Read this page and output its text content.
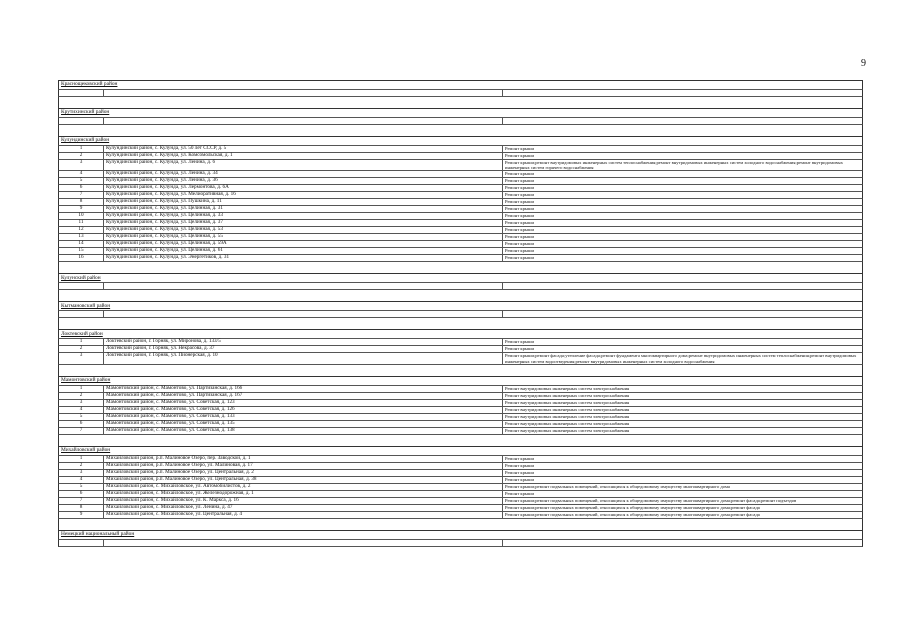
9
Краснощековский район
Крутихинский район
Кулундинский район
1	Кулундинский район, с. Кулунда, ул. 50 лет СССР, д. 5	Ремонт крыши
2	Кулундинский район, с. Кулунда, ул. Комсомольская, д. 1	Ремонт крыши
3	Кулундинский район, с. Кулунда, ул. Ленина, д. 6	Ремонт крыши;ремонт внутридомовых инженерных систем теплоснабжения;ремонт внутридомовых инженерных систем холодного водоснабжения;ремонт внутридомовых инженерных систем горячего водоснабжения
4	Кулундинский район, с. Кулунда, ул. Ленина, д. 34	Ремонт крыши
5	Кулундинский район, с. Кулунда, ул. Ленина, д. 36	Ремонт крыши
6	Кулундинский район, с. Кулунда, ул. Лермонтова, д. 6А	Ремонт крыши
7	Кулундинский район, с. Кулунда, ул. Мелиоративная, д. 16	Ремонт крыши
8	Кулундинский район, с. Кулунда, ул. Пушкина, д. 11	Ремонт крыши
9	Кулундинский район, с. Кулунда, ул. Целинная, д. 31	Ремонт крыши
10	Кулундинский район, с. Кулунда, ул. Целинная, д. 33	Ремонт крыши
11	Кулундинский район, с. Кулунда, ул. Целинная, д. 37	Ремонт крыши
12	Кулундинский район, с. Кулунда, ул. Целинная, д. 53	Ремонт крыши
13	Кулундинский район, с. Кулунда, ул. Целинная, д. 55	Ремонт крыши
14	Кулундинский район, с. Кулунда, ул. Целинная, д. 59А	Ремонт крыши
15	Кулундинский район, с. Кулунда, ул. Целинная, д. 61	Ремонт крыши
16	Кулундинский район, с. Кулунда, ул. Энергетиков, д. 31	Ремонт крыши
Кулунский район
Кытмановский район
Локтевский район
1	Локтевский район, г. Горняк, ул. Миронова, д. 133/5	Ремонт крыши
2	Локтевский район, г. Горняк, ул. Некрасова, д. 37	Ремонт крыши
3	Локтевский район, г. Горняк, ул. Пионерская, д. 10	Ремонт крыши;ремонт фасада;утепление фасада;ремонт фундамента многоквартирного дома;ремонт внутридомовых инженерных систем теплоснабжения;ремонт внутридомовых инженерных систем водоотведения;ремонт внутридомовых инженерных систем холодного водоснабжения
Мамонтовский район
1	Мамонтовский район, с. Мамонтово, ул. Партизанская, д. 166	Ремонт внутридомовых инженерных систем электроснабжения
2	Мамонтовский район, с. Мамонтово, ул. Партизанская, д. 167	Ремонт внутридомовых инженерных систем электроснабжения
3	Мамонтовский район, с. Мамонтово, ул. Советская, д. 123	Ремонт внутридомовых инженерных систем электроснабжения
4	Мамонтовский район, с. Мамонтово, ул. Советская, д. 126	Ремонт внутридомовых инженерных систем электроснабжения
5	Мамонтовский район, с. Мамонтово, ул. Советская, д. 133	Ремонт внутридомовых инженерных систем электроснабжения
6	Мамонтовский район, с. Мамонтово, ул. Советская, д. 135	Ремонт внутридомовых инженерных систем электроснабжения
7	Мамонтовский район, с. Мамонтово, ул. Советская, д. 138	Ремонт внутридомовых инженерных систем электроснабжения
Михайловский район
1	Михайловский район, р.п. Малиновое Озеро, пер. Заводской, д. 1	Ремонт крыши
2	Михайловский район, р.п. Малиновое Озеро, ул. Малиновая, д. 17	Ремонт крыши
3	Михайловский район, р.п. Малиновое Озеро, ул. Центральная, д. 2	Ремонт крыши
4	Михайловский район, р.п. Малиновое Озеро, ул. Центральная, д. 38	Ремонт крыши
5	Михайловский район, с. Михайловское, ул. Автомобилистов, д. 2	Ремонт крыши;ремонт подвальных помещений, относящихся к общедомовому имуществу многоквартирного дома
6	Михайловский район, с. Михайловское, ул. Железнодорожная, д. 1	Ремонт крыши
7	Михайловский район, с. Михайловское, ул. К. Маркса, д. 16	Ремонт крыши;ремонт подвальных помещений, относящихся к общедомовому имуществу многоквартирного дома;ремонт фасада;ремонт подъездов
8	Михайловский район, с. Михайловское, ул. Ленина, д. 47	Ремонт крыши;ремонт подвальных помещений, относящихся к общедомовому имуществу многоквартирного дома;ремонт фасада
9	Михайловский район, с. Михайловское, ул. Центральная, д. 4	Ремонт крыши;ремонт подвальных помещений, относящихся к общедомовому имуществу многоквартирного дома;ремонт фасада
Немецкий национальный район
